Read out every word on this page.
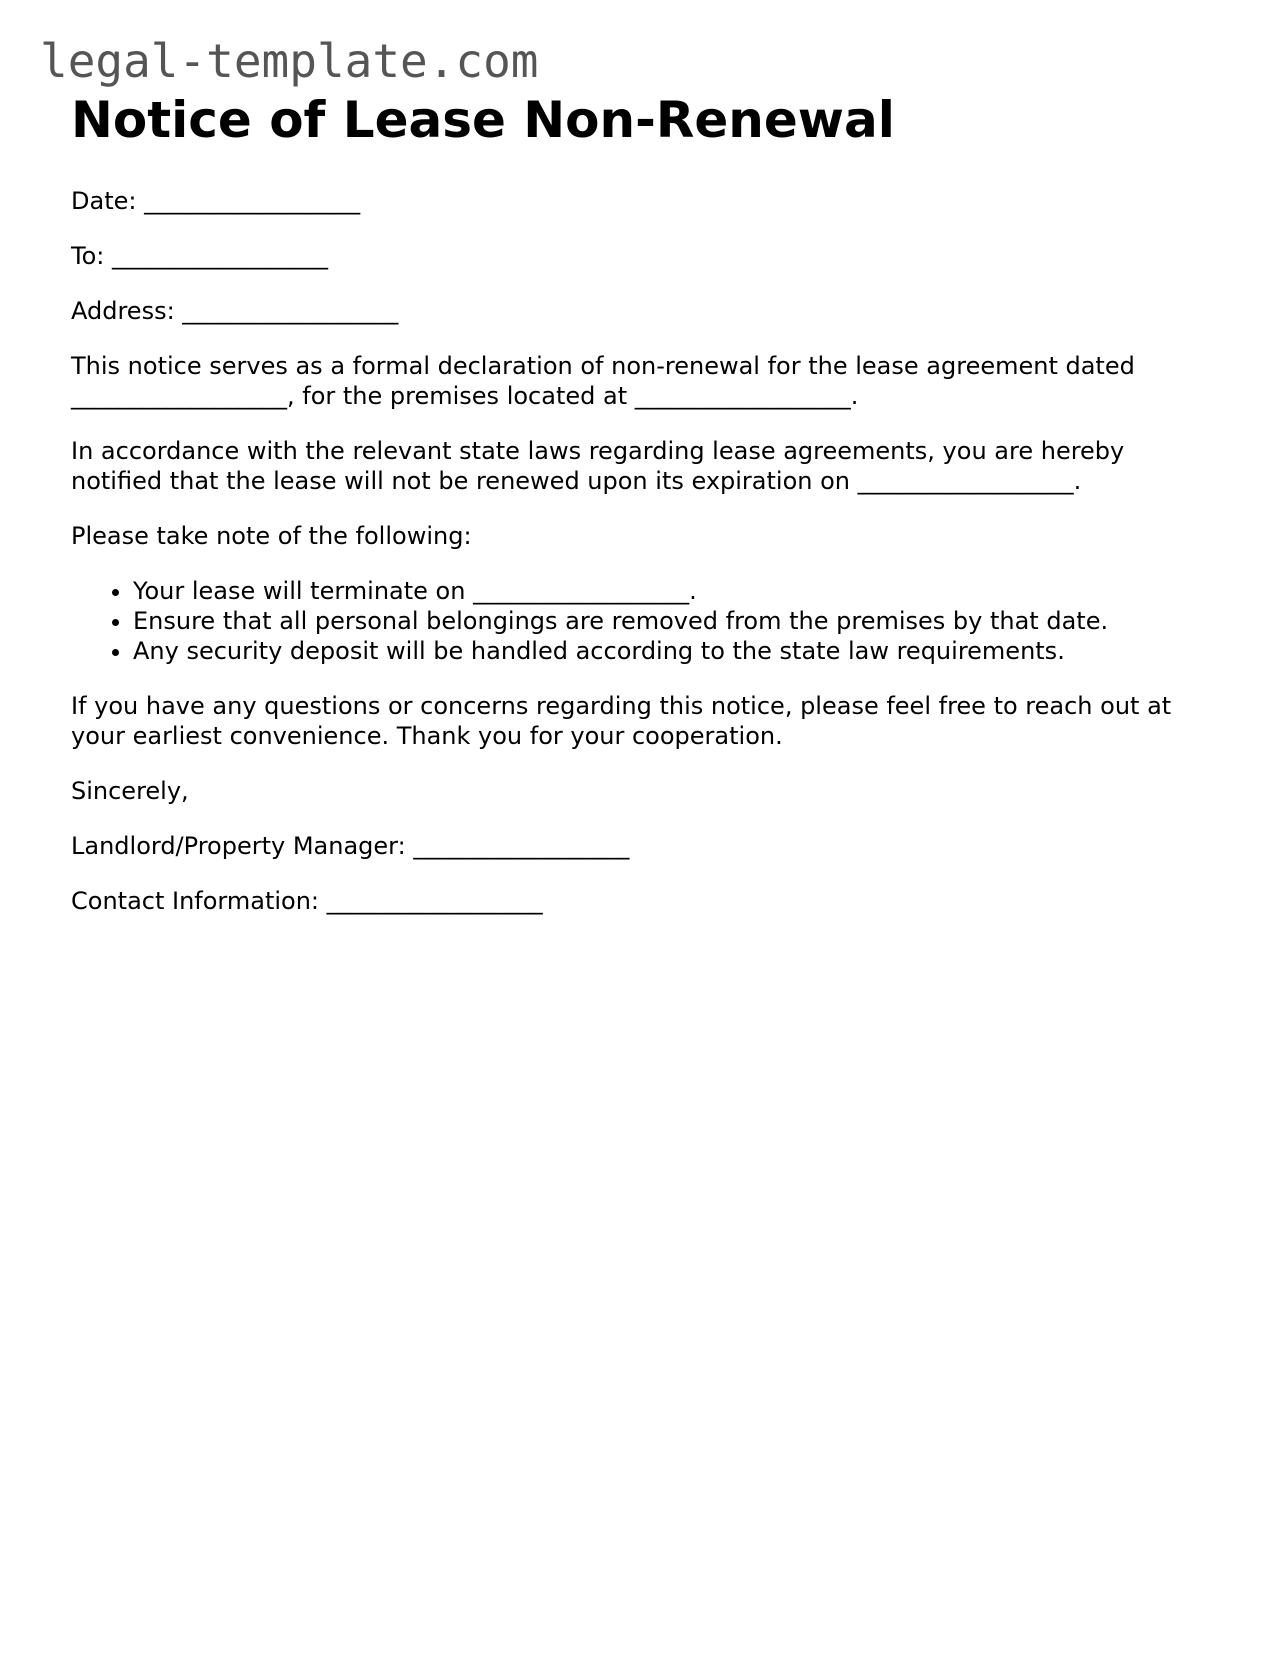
legal-template.com
Notice of Lease Non-Renewal

Date: __________________

To: __________________

Address: __________________

This notice serves as a formal declaration of non-renewal for the lease agreement dated __________________, for the premises located at __________________.

In accordance with the relevant state laws regarding lease agreements, you are hereby notified that the lease will not be renewed upon its expiration on __________________.

Please take note of the following:

• Your lease will terminate on __________________.
• Ensure that all personal belongings are removed from the premises by that date.
• Any security deposit will be handled according to the state law requirements.

If you have any questions or concerns regarding this notice, please feel free to reach out at your earliest convenience. Thank you for your cooperation.

Sincerely,

Landlord/Property Manager: __________________

Contact Information: __________________
